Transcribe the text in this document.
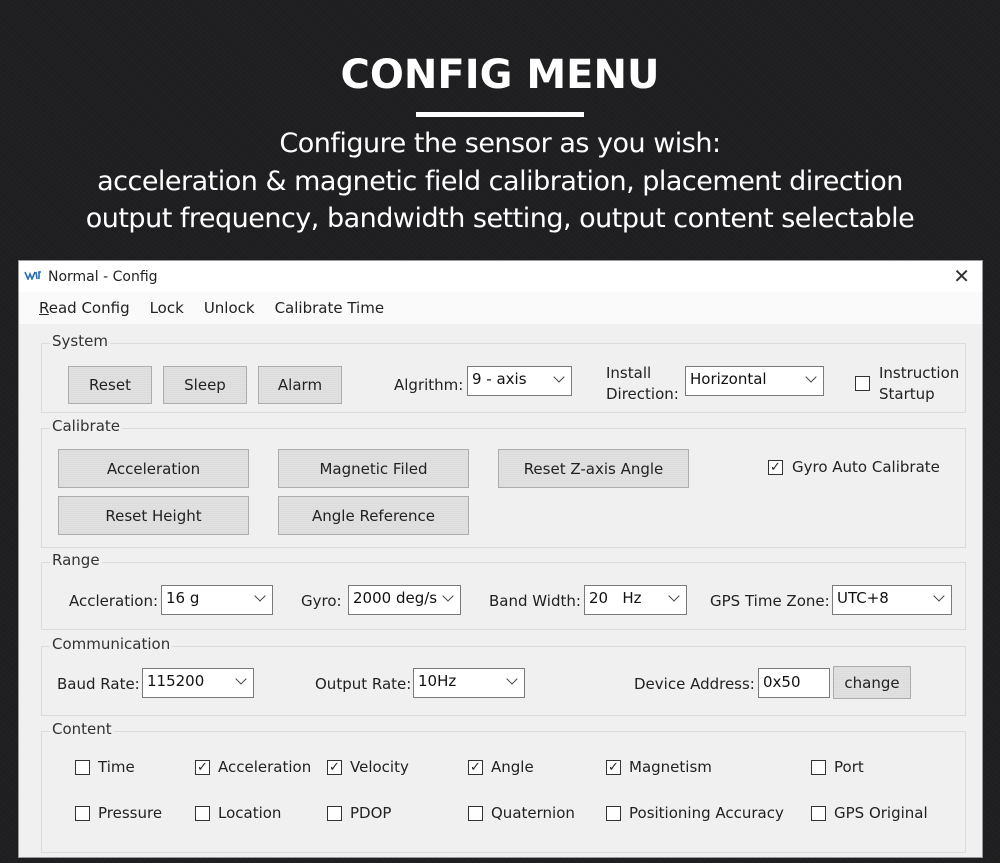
CONFIG MENU
Configure the sensor as you wish:
acceleration & magnetic field calibration, placement direction
output frequency, bandwidth setting, output content selectable
Normal - Config	✕
Read Config Lock Unlock Calibrate Time
System
Reset	Sleep	Alarm	Algrithm: 9 - axis	Install
Direction:
Horizontal	Instruction
Startup
Calibrate
Acceleration	Magnetic Filed	Reset Z-axis Angle
Reset Height	Angle Reference
✓ Gyro Auto Calibrate
Range
Accleration: 16 g	Gyro: 2000 deg/s	Band Width: 20   Hz	GPS Time Zone: UTC+8
Communication
Baud Rate: 115200	Output Rate: 10Hz	Device Address: 0x50	change
Content
Time	✓ Acceleration ✓ Velocity	✓ Angle	✓ Magnetism	Port
Pressure	Location	PDOP	Quaternion	Positioning Accuracy	GPS Original
